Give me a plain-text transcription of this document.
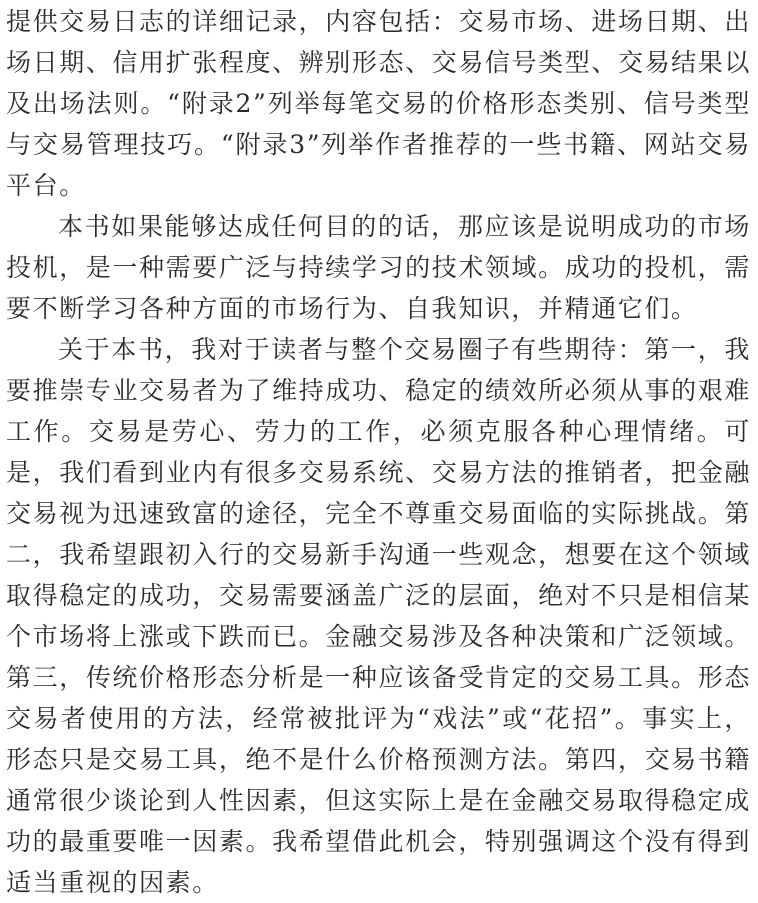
提供交易日志的详细记录，内容包括：交易市场、进场日期、出场日期、信用扩张程度、辨别形态、交易信号类型、交易结果以及出场法则。“附录2”列举每笔交易的价格形态类别、信号类型与交易管理技巧。“附录3”列举作者推荐的一些书籍、网站交易平台。

本书如果能够达成任何目的的话，那应该是说明成功的市场投机，是一种需要广泛与持续学习的技术领域。成功的投机，需要不断学习各种方面的市场行为、自我知识，并精通它们。

关于本书，我对于读者与整个交易圈子有些期待：第一，我要推崇专业交易者为了维持成功、稳定的绩效所必须从事的艰难工作。交易是劳心、劳力的工作，必须克服各种心理情绪。可是，我们看到业内有很多交易系统、交易方法的推销者，把金融交易视为迅速致富的途径，完全不尊重交易面临的实际挑战。第二，我希望跟初入行的交易新手沟通一些观念，想要在这个领域取得稳定的成功，交易需要涵盖广泛的层面，绝对不只是相信某个市场将上涨或下跌而已。金融交易涉及各种决策和广泛领域。第三，传统价格形态分析是一种应该备受肯定的交易工具。形态交易者使用的方法，经常被批评为“戏法”或“花招”。事实上，形态只是交易工具，绝不是什么价格预测方法。第四，交易书籍通常很少谈论到人性因素，但这实际上是在金融交易取得稳定成功的最重要唯一因素。我希望借此机会，特别强调这个没有得到适当重视的因素。
